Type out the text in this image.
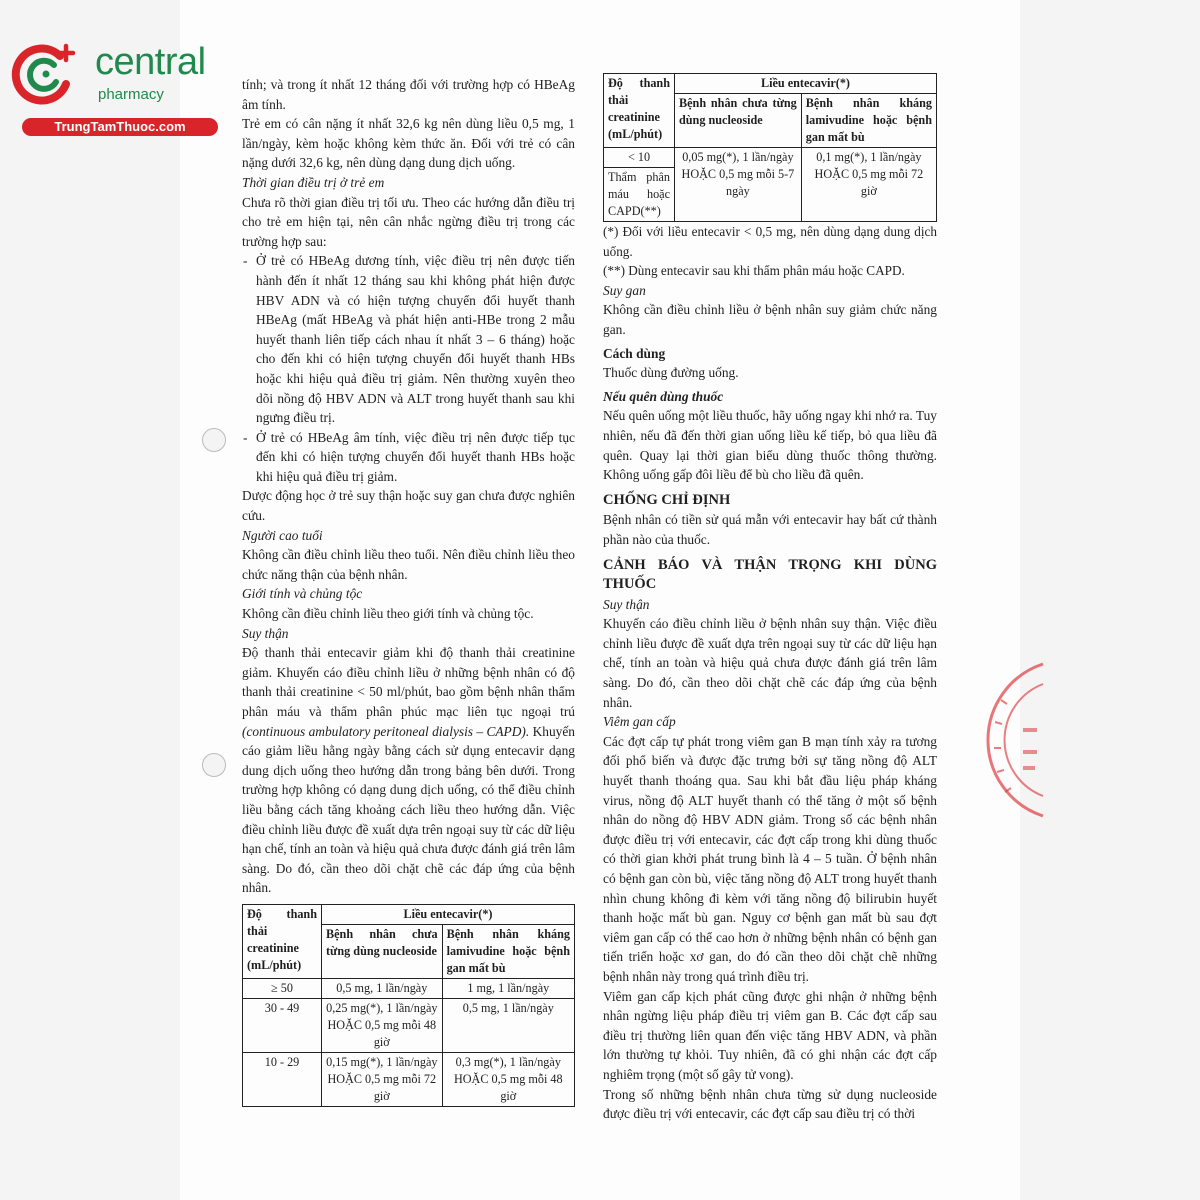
central
pharmacy
TrungTamThuoc.com

tính; và trong ít nhất 12 tháng đối với trường hợp có HBeAg âm tính.

Trẻ em có cân nặng ít nhất 32,6 kg nên dùng liều 0,5 mg, 1 lần/ngày, kèm hoặc không kèm thức ăn. Đối với trẻ có cân nặng dưới 32,6 kg, nên dùng dạng dung dịch uống.

Thời gian điều trị ở trẻ em

Chưa rõ thời gian điều trị tối ưu. Theo các hướng dẫn điều trị cho trẻ em hiện tại, nên cân nhắc ngừng điều trị trong các trường hợp sau:

- Ở trẻ có HBeAg dương tính, việc điều trị nên được tiến hành đến ít nhất 12 tháng sau khi không phát hiện được HBV ADN và có hiện tượng chuyển đổi huyết thanh HBeAg (mất HBeAg và phát hiện anti-HBe trong 2 mẫu huyết thanh liên tiếp cách nhau ít nhất 3 – 6 tháng) hoặc cho đến khi có hiện tượng chuyển đổi huyết thanh HBs hoặc khi hiệu quả điều trị giảm. Nên thường xuyên theo dõi nồng độ HBV ADN và ALT trong huyết thanh sau khi ngưng điều trị.
- Ở trẻ có HBeAg âm tính, việc điều trị nên được tiếp tục đến khi có hiện tượng chuyển đổi huyết thanh HBs hoặc khi hiệu quả điều trị giảm.

Dược động học ở trẻ suy thận hoặc suy gan chưa được nghiên cứu.

Người cao tuổi

Không cần điều chỉnh liều theo tuổi. Nên điều chỉnh liều theo chức năng thận của bệnh nhân.

Giới tính và chủng tộc

Không cần điều chỉnh liều theo giới tính và chủng tộc.

Suy thận

Độ thanh thải entecavir giảm khi độ thanh thải creatinine giảm. Khuyến cáo điều chỉnh liều ở những bệnh nhân có độ thanh thải creatinine < 50 ml/phút, bao gồm bệnh nhân thẩm phân máu và thẩm phân phúc mạc liên tục ngoại trú (continuous ambulatory peritoneal dialysis – CAPD). Khuyến cáo giảm liều hằng ngày bằng cách sử dụng entecavir dạng dung dịch uống theo hướng dẫn trong bảng bên dưới. Trong trường hợp không có dạng dung dịch uống, có thể điều chỉnh liều bằng cách tăng khoảng cách liều theo hướng dẫn. Việc điều chỉnh liều được đề xuất dựa trên ngoại suy từ các dữ liệu hạn chế, tính an toàn và hiệu quả chưa được đánh giá trên lâm sàng. Do đó, cần theo dõi chặt chẽ các đáp ứng của bệnh nhân.

Độ thanh thải creatinine (mL/phút)	Liều entecavir(*)	
	Bệnh nhân chưa từng dùng nucleoside	Bệnh nhân kháng lamivudine hoặc bệnh gan mất bù
≥ 50	0,5 mg, 1 lần/ngày	1 mg, 1 lần/ngày
30 - 49	0,25 mg(*), 1 lần/ngày HOẶC 0,5 mg mỗi 48 giờ	0,5 mg, 1 lần/ngày
10 - 29	0,15 mg(*), 1 lần/ngày HOẶC 0,5 mg mỗi 72 giờ	0,3 mg(*), 1 lần/ngày HOẶC 0,5 mg mỗi 48 giờ
Độ thanh thải creatinine (mL/phút)	Liều entecavir(*)	
	Bệnh nhân chưa từng dùng nucleoside	Bệnh nhân kháng lamivudine hoặc bệnh gan mất bù

< 10
Thẩm phân máu hoặc CAPD(**)	0,05 mg(*), 1 lần/ngày HOẶC 0,5 mg mỗi 5-7 ngày	0,1 mg(*), 1 lần/ngày HOẶC 0,5 mg mỗi 72 giờ

(*) Đối với liều entecavir < 0,5 mg, nên dùng dạng dung dịch uống.

(**) Dùng entecavir sau khi thẩm phân máu hoặc CAPD.

Suy gan

Không cần điều chỉnh liều ở bệnh nhân suy giảm chức năng gan.

Cách dùng

Thuốc dùng đường uống.

Nếu quên dùng thuốc

Nếu quên uống một liều thuốc, hãy uống ngay khi nhớ ra. Tuy nhiên, nếu đã đến thời gian uống liều kế tiếp, bỏ qua liều đã quên. Quay lại thời gian biểu dùng thuốc thông thường. Không uống gấp đôi liều để bù cho liều đã quên.

CHỐNG CHỈ ĐỊNH

Bệnh nhân có tiền sử quá mẫn với entecavir hay bất cứ thành phần nào của thuốc.

CẢNH BÁO VÀ THẬN TRỌNG KHI DÙNG THUỐC

Suy thận

Khuyến cáo điều chỉnh liều ở bệnh nhân suy thận. Việc điều chỉnh liều được đề xuất dựa trên ngoại suy từ các dữ liệu hạn chế, tính an toàn và hiệu quả chưa được đánh giá trên lâm sàng. Do đó, cần theo dõi chặt chẽ các đáp ứng của bệnh nhân.

Viêm gan cấp

Các đợt cấp tự phát trong viêm gan B mạn tính xảy ra tương đối phổ biến và được đặc trưng bởi sự tăng nồng độ ALT huyết thanh thoáng qua. Sau khi bắt đầu liệu pháp kháng virus, nồng độ ALT huyết thanh có thể tăng ở một số bệnh nhân do nồng độ HBV ADN giảm. Trong số các bệnh nhân được điều trị với entecavir, các đợt cấp trong khi dùng thuốc có thời gian khởi phát trung bình là 4 – 5 tuần. Ở bệnh nhân có bệnh gan còn bù, việc tăng nồng độ ALT trong huyết thanh nhìn chung không đi kèm với tăng nồng độ bilirubin huyết thanh hoặc mất bù gan. Nguy cơ bệnh gan mất bù sau đợt viêm gan cấp có thể cao hơn ở những bệnh nhân có bệnh gan tiến triển hoặc xơ gan, do đó cần theo dõi chặt chẽ những bệnh nhân này trong quá trình điều trị.

Viêm gan cấp kịch phát cũng được ghi nhận ở những bệnh nhân ngừng liệu pháp điều trị viêm gan B. Các đợt cấp sau điều trị thường liên quan đến việc tăng HBV ADN, và phần lớn thường tự khỏi. Tuy nhiên, đã có ghi nhận các đợt cấp nghiêm trọng (một số gây tử vong).

Trong số những bệnh nhân chưa từng sử dụng nucleoside được điều trị với entecavir, các đợt cấp sau điều trị có thời
